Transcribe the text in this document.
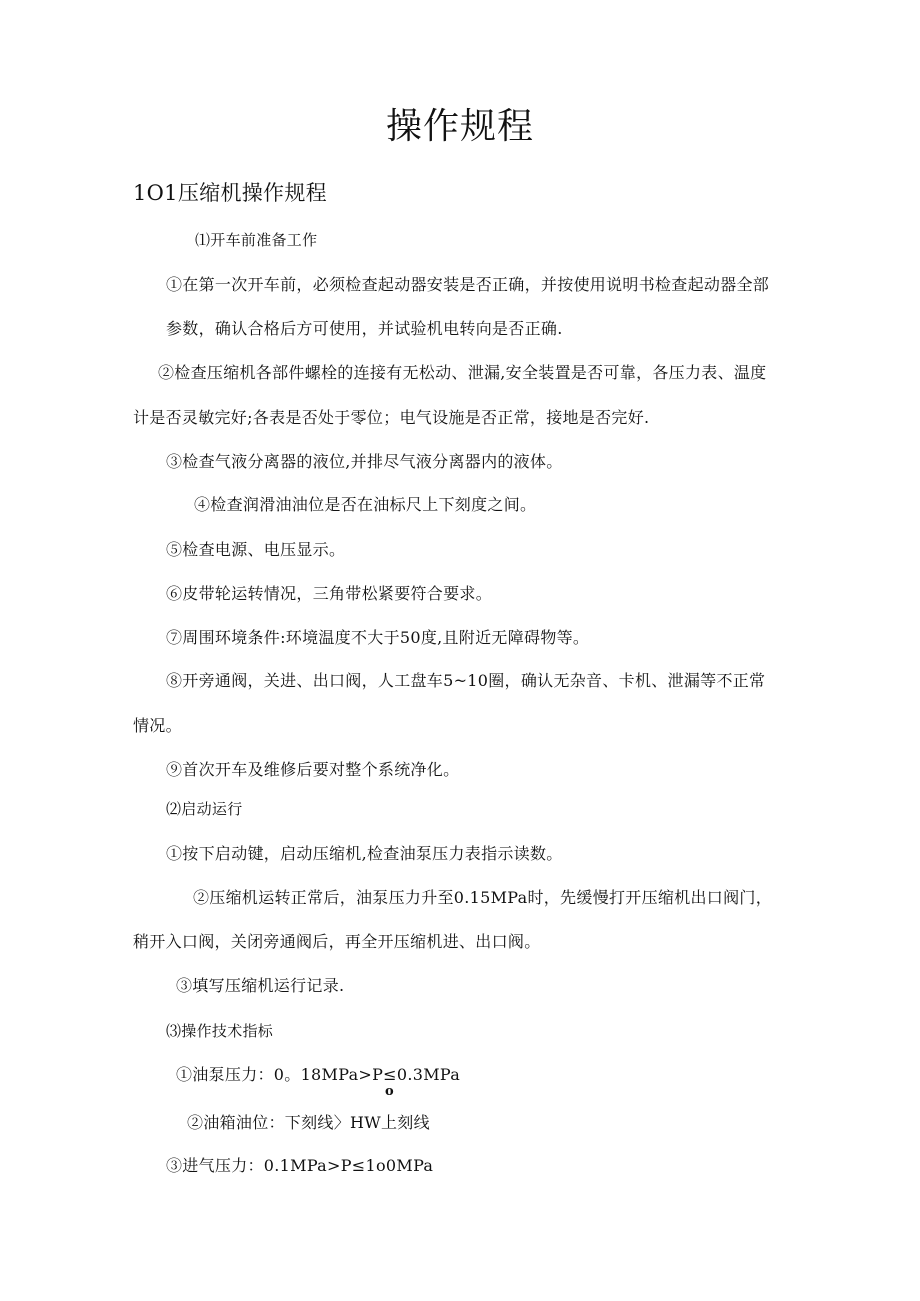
操作规程
1O1压缩机操作规程
⑴开车前准备工作
①在第一次开车前，必须检查起动器安装是否正确，并按使用说明书检查起动器全部
参数，确认合格后方可使用，并试验机电转向是否正确.
②检查压缩机各部件螺栓的连接有无松动、泄漏,安全装置是否可靠，各压力表、温度
计是否灵敏完好;各表是否处于零位；电气设施是否正常，接地是否完好.
③检查气液分离器的液位,并排尽气液分离器内的液体。
④检查润滑油油位是否在油标尺上下刻度之间。
⑤检查电源、电压显示。
⑥皮带轮运转情况，三角带松紧要符合要求。
⑦周围环境条件:环境温度不大于50度,且附近无障碍物等。
⑧开旁通阀，关进、出口阀，人工盘车5~10圈，确认无杂音、卡机、泄漏等不正常
情况。
⑨首次开车及维修后要对整个系统净化。
⑵启动运行
①按下启动键，启动压缩机,检查油泵压力表指示读数。
②压缩机运转正常后，油泵压力升至0.15MPa时，先缓慢打开压缩机出口阀门，
稍开入口阀，关闭旁通阀后，再全开压缩机进、出口阀。
③填写压缩机运行记录.
⑶操作技术指标
①油泵压力：0。18MPa>P≤0.3MPa
o
②油箱油位：下刻线〉HW上刻线
③进气压力：0.1MPa>P≤1o0MPa
